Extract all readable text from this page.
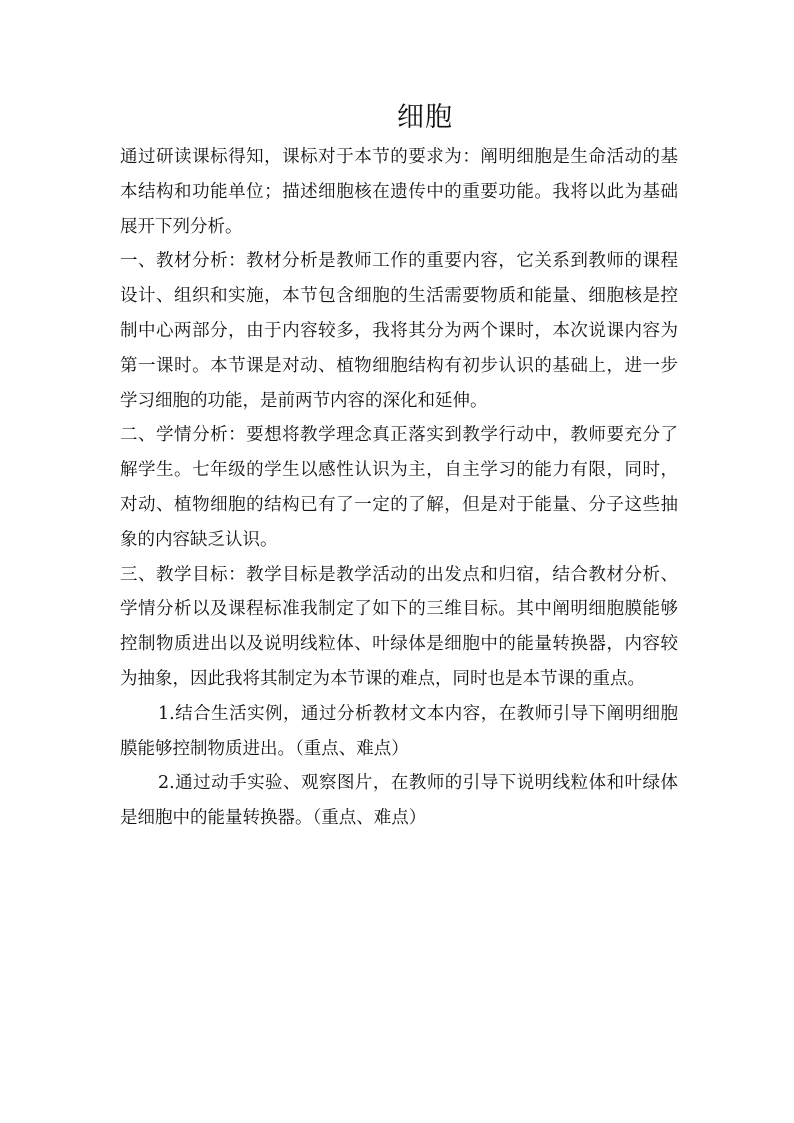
细胞

通过研读课标得知，课标对于本节的要求为：阐明细胞是生命活动的基本结构和功能单位；描述细胞核在遗传中的重要功能。我将以此为基础展开下列分析。

一、教材分析：教材分析是教师工作的重要内容，它关系到教师的课程设计、组织和实施，本节包含细胞的生活需要物质和能量、细胞核是控制中心两部分，由于内容较多，我将其分为两个课时，本次说课内容为第一课时。本节课是对动、植物细胞结构有初步认识的基础上，进一步学习细胞的功能，是前两节内容的深化和延伸。

二、学情分析：要想将教学理念真正落实到教学行动中，教师要充分了解学生。七年级的学生以感性认识为主，自主学习的能力有限，同时，对动、植物细胞的结构已有了一定的了解，但是对于能量、分子这些抽象的内容缺乏认识。

三、教学目标：教学目标是教学活动的出发点和归宿，结合教材分析、学情分析以及课程标准我制定了如下的三维目标。其中阐明细胞膜能够控制物质进出以及说明线粒体、叶绿体是细胞中的能量转换器，内容较为抽象，因此我将其制定为本节课的难点，同时也是本节课的重点。

1.结合生活实例，通过分析教材文本内容，在教师引导下阐明细胞膜能够控制物质进出。（重点、难点）

2.通过动手实验、观察图片，在教师的引导下说明线粒体和叶绿体是细胞中的能量转换器。（重点、难点）
